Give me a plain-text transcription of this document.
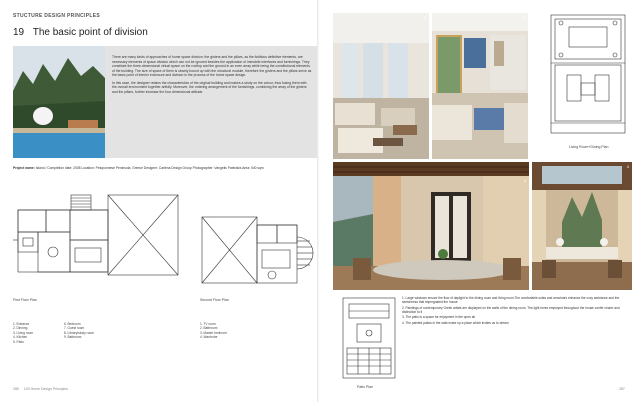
STUCTURE DESIGN PRINCIPLES
19 The basic point of division

There are many kinds of approaches of home space division: the girders and the pillars, as the fictitious definitive elements, are necessary elements of space division which can not be ignored besides the application of immobile interfaces and furnishings. They constitute the three-dimensional virtual space on the rooftop and the ground in an even array while being the constitutional elements of the building. The size of space of them is closely bound up with the structural module, therefore the girders and the pillars serve as the basic point of interior enclosure and division in the process of the home space design.

In this case, the designer retains the characteristics of the original building and makes a study on the colour, thus fusing them with the overall environment together artfully. Moreover, the ordering arrangement of the furnishings, combining the array of the girders and the pillars, further increase the four-dimensional attitude.

Project name: Island / Completion date: 2008 Location: Peloponnese Peninsula, Greece Designer: Carlena Design Group Photographer: Vangelis Paterakis Area: 540 sqm
First Floor Plan
1. Entrance
2. Dinning
3. Living room
4. Kitchen
5. Patio
6. Bedroom
7. Guest room
8. Library/study room
9. Bathroom
Second Floor Plan
1. TV room
2. Bathroom
3. Master bedroom
4. Wardrobe
286 100 Home Design Principles
1	2
Living Room+Dining Plan
3
4
Patio Plan	287
1. Large windows ensure the flow of daylight to the dining room and living room.The comfortable sofas and armchairs enhance the cozy ambiance and the sketchness that impregnated the house
2. Paintings of contemporary Greek artists are displayed on the walls of the dining room. The light tones employed throughout the house confer charm and distinction to it
3. The patio is a space for enjoyment in the open air
4. The painted patios in the walk make up a place which invites us to dream
